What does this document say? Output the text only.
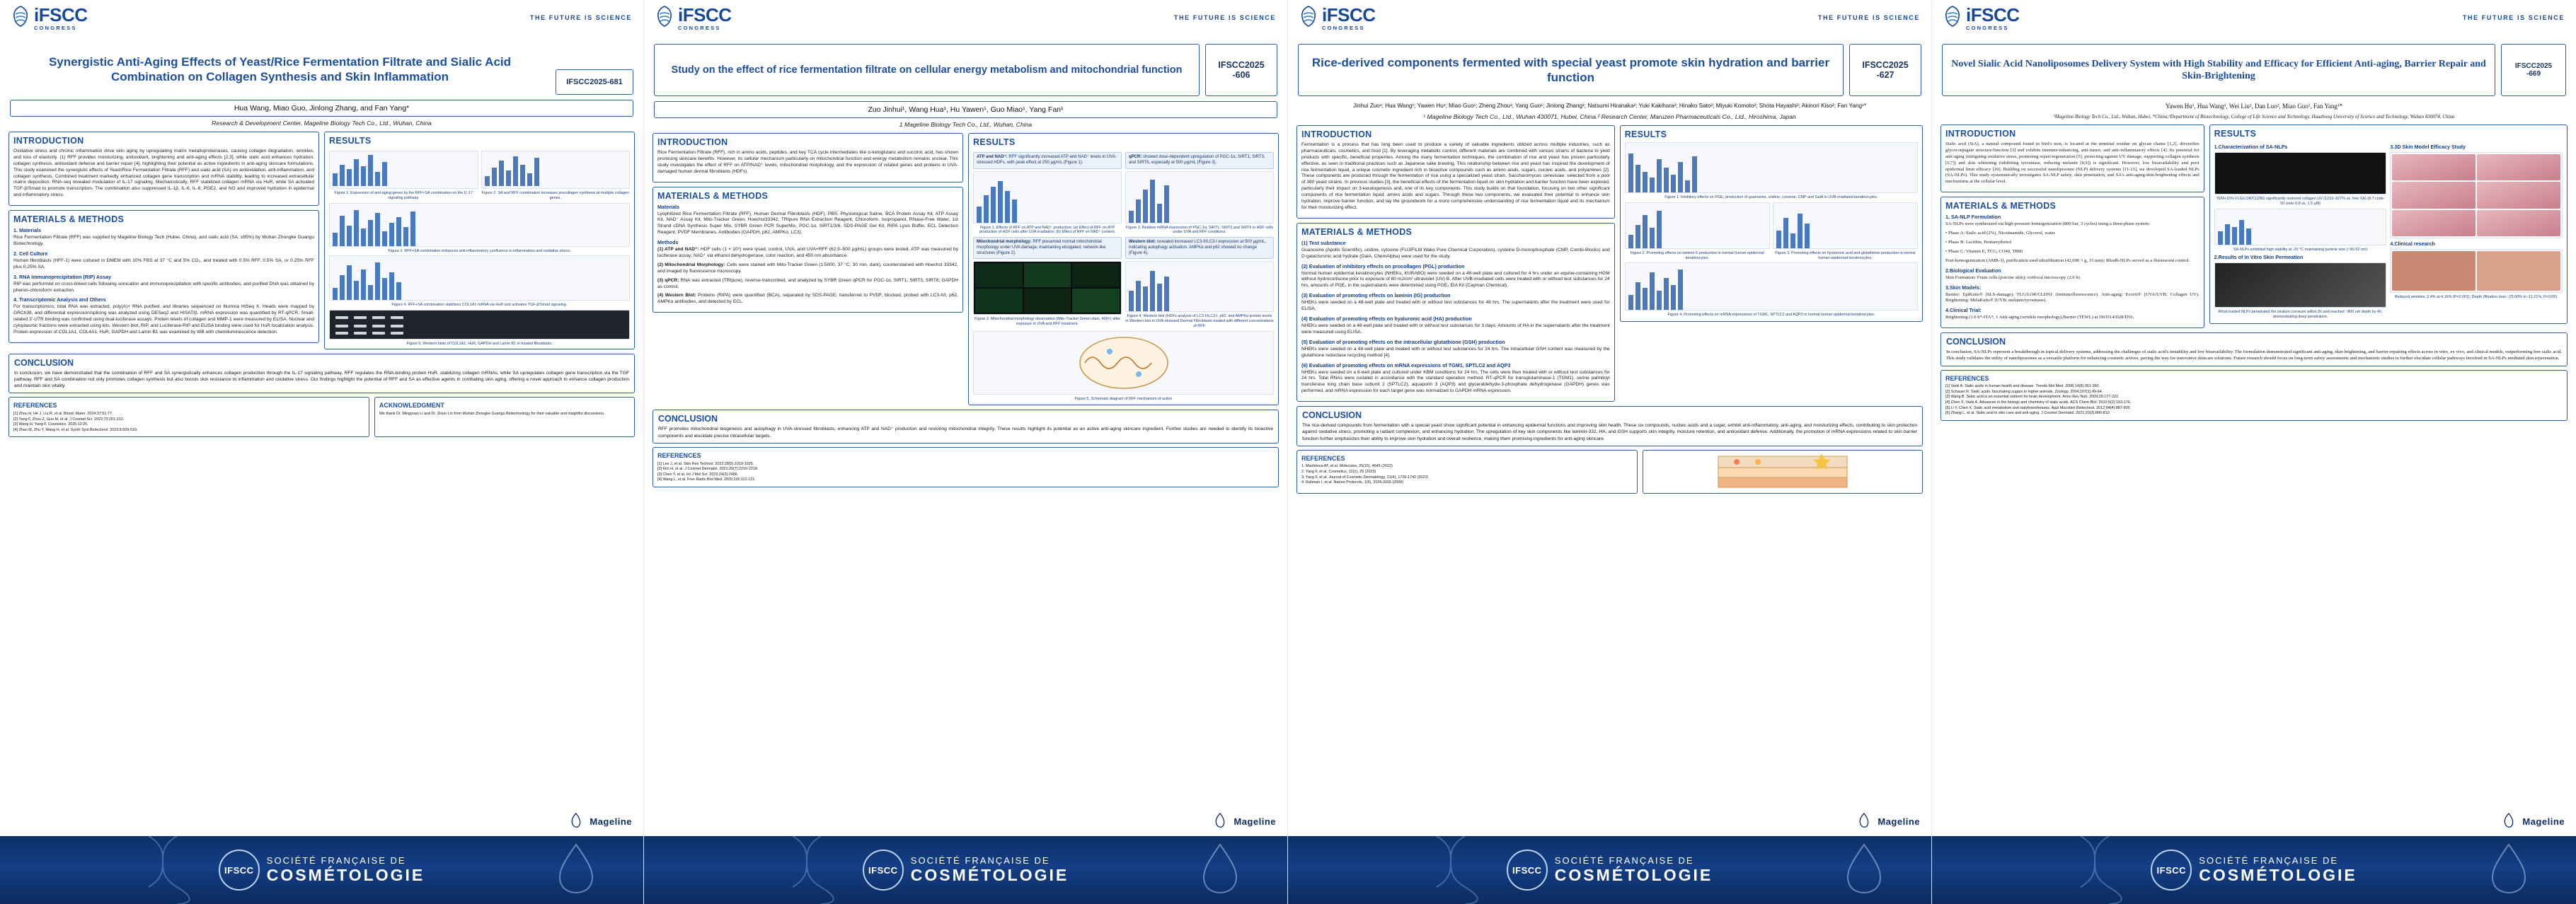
iFSCC
CONGRESS
THE FUTURE IS SCIENCE
Synergistic Anti-Aging Effects of Yeast/Rice Fermentation Filtrate and Sialic Acid Combination on Collagen Synthesis and Skin Inflammation	IFSCC2025-681
Hua Wang, Miao Guo, Jinlong Zhang, and Fan Yang*
Research & Development Center, Mageline Biology Tech Co., Ltd., Wuhan, China
INTRODUCTION

Oxidative stress and chronic inflammation drive skin aging by upregulating matrix metalloproteinases, causing collagen degradation, wrinkles, and loss of elasticity. (1) RFF provides moisturizing, antioxidant, brightening and anti-aging effects [2,3], while sialic acid enhances hydration, collagen synthesis, antioxidant defense and barrier repair [4], highlighting their potential as active ingredients in anti-aging skincare formulations. This study examined the synergistic effects of Yeast/Rice Fermentation Filtrate (RFF) and sialic acid (SA) on antioxidation, anti-inflammation, and collagen synthesis. Combined treatment markedly enhanced collagen gene transcription and mRNA stability, leading to increased extracellular matrix deposition. RNA-seq revealed modulation of IL-17 signaling. Mechanistically, RFF stabilized collagen mRNA via HuR, while SA activated TGF-β/Smad to promote transcription. The combination also suppressed IL-1β, IL-6, IL-8, PGE2, and NO and improved hydration in epidermal and inflammatory stress.

MATERIALS & METHODS
1. Materials

Rice Fermentation Filtrate (RFF) was supplied by Mageline Biology Tech (Hubei, China), and sialic acid (SA, ≥95%) by Wuhan Zhongke Guangu Biotechnology.

2. Cell Culture

Human fibroblasts (HFF-1) were cultured in DMEM with 10% FBS at 37 °C and 5% CO₂, and treated with 0.5% RFF, 0.5% SA, or 0.25% RFF plus 0.25% SA.

3. RNA Immunoprecipitation (RIP) Assay

RIP was performed on cross-linked cells following sonication and immunoprecipitation with specific antibodies, and purified DNA was obtained by phenol–chloroform extraction.

4. Transcriptomic Analysis and Others

For transcriptomics, total RNA was extracted, poly(A)+ RNA purified, and libraries sequenced on Illumina HiSeq X. Heads were mapped by GRCh38, and differential expression/splicing was analyzed using DESeq2 and HISAT/β. mRNA expression was quantified by RT-qPCR. Small-related 3'-UTR binding was confirmed using dual-luciferase assays. Protein levels of collagen and MMP-1 were measured by ELISA. Nuclear and cytoplasmic fractions were extracted using kits. Western blot, RIP, and Luciferase-RIP and ELISA binding were used for HuR localization analysis. Protein expression of COL1A1, COL4A1, HuR, GAPDH and Lamin B1 was examined by WB with chemiluminescence detection.

RESULTS
Figure 1. Expression of anti-aging genes by the RFF+SA combination on the IL-17 signaling pathway.
Figure 2. SA and RFF combination increases procollagen synthesis at multiple collagen genes.
Figure 3. RFF+SA combination enhances anti-inflammatory confluence to inflammation and oxidative stress.
Figure 4. RFF+SA combination stabilizes COL1A1 mRNA via HuR and activates TGF-β/Smad signaling.
Figure 5. Western blots of COL1A1, HuR, GAPDH and Lamin B1 in treated fibroblasts.
CONCLUSION

In conclusion, we have demonstrated that the combination of RFF and SA synergistically enhances collagen production through the IL-17 signaling pathway. RFF regulates the RNA-binding protein HuR, stabilizing collagen mRNAs, while SA upregulates collagen gene transcription via the TGF pathway. RFF and SA combination not only promotes collagen synthesis but also boosts skin resistance to inflammation and oxidative stress. Our findings highlight the potential of RFF and SA as effective agents in combating skin aging, offering a novel approach to enhance collagen production and maintain skin vitality.

REFERENCES
[1] Zhou H, He J, Liu R, et al. Blood. Mater. 2024;37:51-77.
[2] Yang F, Zhou Z, Guo M, et al. J Cosmet Sci. 2022;73:201-212.
[3] Wang H, Yang F, Cosmetics. 2025;12:25.
[4] Zhao M, Zhu Y, Wang H, et al. Synth Syst Biotechnol. 2023;8:509-519.
ACKNOWLEDGMENT
We thank Dr. Mingyuan Li and Dr. Zixun Lin from Wuhan Zhongke Guangu Biotechnology for their valuable and insightful discussions.
Mageline
IFSCC
SOCIÉTÉ FRANÇAISE DE
COSMÉTOLOGIE
iFSCC
CONGRESS
THE FUTURE IS SCIENCE
Study on the effect of rice fermentation filtrate on cellular energy metabolism and mitochondrial function	IFSCC2025
-606
Zuo Jinhui¹, Wang Hua¹, Hu Yawen¹, Guo Miao¹, Yang Fan¹
1 Mageline Biology Tech Co., Ltd., Wuhan, China
INTRODUCTION

Rice Fermentation Filtrate (RFF), rich in amino acids, peptides, and key TCA cycle intermediates like α-ketoglutaric and succinic acid, has shown promising skincare benefits. However, its cellular mechanism particularly on mitochondrial function and energy metabolism remains unclear. This study investigates the effect of RFF on ATP/NAD⁺ levels, mitochondrial morphology, and the expression of related genes and proteins in UVA-damaged human dermal fibroblasts (HDFs).

MATERIALS & METHODS
Materials

Lyophilized Rice Fermentation Filtrate (RFF), Human Dermal Fibroblasts (HDF), PBS, Physiological Saline, BCA Protein Assay Kit, ATP Assay Kit, NAD⁺ Assay Kit, Mito-Tracker Green, Hoechst33342, TRIpure RNA Extraction Reagent, Chloroform, Isopropanol, RNase-Free Water, 1st Strand cDNA Synthesis Super Mix, SYBR Green PCR SuperMix, PGC-1α, SIRT1/3/6, SDS-PAGE Gel Kit, RIPA Lysis Buffer, ECL Detection Reagent, PVDF Membranes, Antibodies (GAPDH, p62, AMPKα, LC3).

Methods

(1) ATP and NAD⁺: HDF cells (1 × 10⁵) were lysed; control, UVA, and UVA+RFF (62.5–500 μg/mL) groups were tested. ATP was measured by luciferase assay; NAD⁺ via ethanol dehydrogenase, color reaction, and 450 nm absorbance.

(2) Mitochondrial Morphology: Cells were stained with Mito-Tracker Green (1:5000, 37 °C, 30 min, dark), counterstained with Hoechst 33342, and imaged by fluorescence microscopy.

(3) qPCR: RNA was extracted (TRIpure), reverse-transcribed, and analyzed by SYBR Green qPCR for PGC-1α, SIRT1, SIRT3, SIRT6; GAPDH as control.

(4) Western Blot: Proteins (RIPA) were quantified (BCA), separated by SDS-PAGE, transferred to PVDF, blocked, probed with LC3-II/I, p62, AMPKα antibodies, and detected by ECL.

RESULTS
ATP and NAD⁺: RFF significantly increased ATP and NAD⁺ levels in UVA-stressed HDFs, with peak effect at 250 μg/mL (Figure 1).
Figure 1. Effects of RFF on ATP and NAD⁺ production: (a) Effect of RFF on ATP production of HDF cells after UVA irradiation; (b) Effect of RFF on NAD⁺ content.
Mitochondrial morphology: RFF preserved normal mitochondrial morphology under UVA damage, maintaining elongated, network-like structures (Figure 2).
Figure 2. Mitochondrial morphology observation (Mito-Tracker Green stain, 400×) after exposure to UVA and RFF treatment.
qPCR: showed dose-dependent upregulation of PGC-1α, SIRT1, SIRT3, and SIRT6, especially at 500 μg/mL (Figure 3).
Figure 3. Relative mRNA expression of PGC-1α, SIRT1, SIRT3 and SIRT6 in HDF cells under UVA and RFF conditions.
Western blot: revealed increased LC3-II/LC3-I expression at 500 μg/mL, indicating autophagy activation. AMPKα and p62 showed no change (Figure 4).
Figure 4. Western blot (HDFs analysis of LC3-II/LC3-I, p62, and AMPKα protein levels in Western blot in UVA-stressed Dermal Fibroblasts treated with different concentrations of RFF.
Figure 5. Schematic diagram of RFF mechanism of action
CONCLUSION

RFF promotes mitochondrial biogenesis and autophagy in UVA-stressed fibroblasts, enhancing ATP and NAD⁺ production and restoring mitochondrial integrity. These results highlight its potential as an active anti-aging skincare ingredient. Further studies are needed to identify its bioactive components and elucidate precise intracellular targets.

REFERENCES
[1] Lee J, et al. Skin Res Technol. 2022;28(5):1019-1025.
[2] Kim H, et al. J Cosmet Dermatol. 2021;20(7):2210-2218.
[3] Chen Y, et al. Int J Mol Sci. 2023;24(3):2456.
[4] Wang L, et al. Free Radic Biol Med. 2020;156:112-121.
Mageline
IFSCC
SOCIÉTÉ FRANÇAISE DE
COSMÉTOLOGIE
iFSCC
CONGRESS
THE FUTURE IS SCIENCE
Rice-derived components fermented with special yeast promote skin hydration and barrier function
IFSCC2025
-627
Jinhui Zuo¹; Hua Wang¹; Yawen Hu¹; Miao Guo¹; Zheng Zhou¹; Yang Guo¹; Jinlong Zhang¹; Natsumi Hiranaka²; Yuki Kakihara²; Hinako Sato²; Miyuki Komoto²; Shota Hayashi²; Akinori Kiso²; Fan Yang¹*
¹ Mageline Biology Tech Co., Ltd., Wuhan 430071, Hubei, China.² Research Center, Maruzen Pharmaceuticals Co., Ltd., Hiroshima, Japan
INTRODUCTION

Fermentation is a process that has long been used to produce a variety of valuable ingredients utilized across multiple industries, such as pharmaceuticals, cosmetics, and food [1]. By leveraging metabolic control, different materials are combined with various strains of bacteria to yield products with specific, beneficial properties. Among the many fermentation techniques, the combination of rice and yeast has proven particularly effective, as seen in traditional practices such as Japanese sake brewing. This relationship between rice and yeast has inspired the development of rice fermentation liquid, a unique cosmetic ingredient rich in bioactive compounds such as amino acids, sugars, nucleic acids, and polyamines [2]. These components are produced through the fermentation of rice using a specialized yeast strain, Saccharomyces cerevisiae, selected from a pool of 380 yeast strains. In previous studies [3], the beneficial effects of the fermentation liquid on skin hydration and barrier function have been explored, particularly their impact on 3-keratogenesis and, one of its key components. This study builds on that foundation, focusing on two other significant components of rice fermentation liquid: amino acids and sugars. Through these two components, we evaluated their potential to enhance skin hydration, improve barrier function, and lay the groundwork for a more comprehensive understanding of rice fermentation liquid and its mechanism for their moisturizing effect.

MATERIALS & METHODS
(1) Test substance

Guanosine (Apollo Scientific), uridine, cytosine (FUJIFILM Wako Pure Chemical Corporation), cysteine D-monophosphate (CMP, Combi-Blocks) and D-galacturonic acid hydrate (GalA, ChemAlpha) were used for the study.

(2) Evaluation of inhibitory effects on procollagen (PGL) production

Normal human epidermal keratinocytes (NHEKs, KURABO) were seeded on a 48-well plate and cultured for 4 hrs under an equine-containing HGM without hydrocortisone prior to exposure of 80 mJ/cm² ultraviolet (UV) B. After UVB-irradiated cells were treated with or without test substances for 24 hrs, amounts of PGE₂ in the supernatants were determined using PGE₂ EIA Kit (Cayman Chemical).

(3) Evaluation of promoting effects on laminin (IG) production

NHEKs were seeded on a 48-well plate and treated with or without test substances for 48 hrs. The supernatants after the treatment were used for ELISA.

(4) Evaluation of promoting effects on hyaluronic acid (HA) production

NHEKs were seeded on a 48-well plate and treated with or without test substances for 3 days. Amounts of HA in the supernatants after the treatment were measured using ELISA.

(5) Evaluation of promoting effects on the intracellular glutathione (GSH) production

NHEKs were seeded on a 48-well plate and treated with or without test substances for 24 hrs. The intracellular GSH content was measured by the glutathione reductase recycling method [4].

(6) Evaluation of promoting effects on mRNA expressions of TGM1, SPTLC2 and AQP3

NHEKs were seeded on a 6-well plate and cultured under KBM conditions for 24 hrs. The cells were then treated with or without test substances for 24 hrs. Total RNAs were isolated in accordance with the standard operation method. RT-qPCR for transglutaminase-1 (TGM1), serine palmitoyl transferase long chain base subunit 2 (SPTLC2), aquaporin 3 (AQP3) and glyceraldehyde-3-phosphate dehydrogenase (GAPDH) genes was performed, and mRNA expression for each target gene was normalized to GAPDH mRNA expression.

RESULTS
Figure 1. Inhibitory effects on PGE₂ production of guanosine, uridine, cytosine, CMP and GalA in UVB-irradiated keratinocytes.
Figure 2. Promoting effects on laminin-5 production in normal human epidermal keratinocytes.
Figure 3. Promoting effects on hyaluronic acid and glutathione production in normal human epidermal keratinocytes.
Figure 4. Promoting effects on mRNA expressions of TGM1, SPTLC2 and AQP3 in normal human epidermal keratinocytes.
CONCLUSION

The rice-derived compounds from fermentation with a special yeast show significant potential in enhancing epidermal functions and improving skin health. These six compounds, nucleic acids and a sugar, exhibit anti-inflammatory, anti-aging, and moisturizing effects, contributing to skin protection against oxidative stress, promoting a radiant complexion, and enhancing hydration. The upregulation of key skin components like laminin-332, HA, and GSH supports skin integrity, moisture retention, and antioxidant defense. Additionally, the promotion of mRNA expressions related to skin barrier function further emphasizes their ability to improve skin hydration and overall resilience, making them promising ingredients for anti-aging skincare.

REFERENCES
1. Mazhitova AT, et al. Molecules, 25(15), 4645 (2022)
2. Yang F, et al. Cosmetics, 12(1), 25 (2023)
3. Yang F, et al. Journal of Cosmetic Dermatology, 21(4), 1726-1742 (2022)
4. Rahman I, et al. Nature Protocols, 1(6), 3159-3165 (2006)
Mageline
IFSCC
SOCIÉTÉ FRANÇAISE DE
COSMÉTOLOGIE
iFSCC
CONGRESS
THE FUTURE IS SCIENCE
Novel Sialic Acid Nanoliposomes Delivery System with High Stability and Efficacy for Efficient Anti-aging, Barrier Repair and Skin-Brightening
IFSCC2025
-669
Yawen Hu¹, Hua Wang¹, Wei Liu², Dan Luo², Miao Guo¹, Fan Yang¹*
¹Mageline Biology Tech Co., Ltd., Wuhan, Hubei, *China;²Department of Biotechnology, College of Life Science and Technology, Huazhong University of Science and Technology, Wuhan 430074, China
INTRODUCTION

Sialic acid (SiA), a natural compound found in bird's nest, is located at the terminal residue on glycan chains [1,2], diversifies glycoconjugate structure/function [3] and exhibits immune-enhancing, anti-tumor, and anti-inflammatory effects [4]. Its potential for anti-aging (mitigating oxidative stress, promoting repair/regeneration [5], protecting against UV damage, supporting collagen synthesis [6,7]) and skin whitening (inhibiting tyrosinase, reducing melanin [8,9]) is significant. However, low bioavailability and poor epidermal limit efficacy [10]. Building on successful nanoliposome (NLP) delivery systems [11-13], we developed SA-loaded NLPs (SA-NLPs). This study systematically investigates SA-NLP safety, skin penetration, and SA's anti-aging/skin-brightening effects and mechanisms at the cellular level.

MATERIALS & METHODS
1. SA-NLP Formulation

SA-NLPs were synthesized via high-pressure homogenization (800 bar, 3 cycles) using a three-phase system:

• Phase A: Sialic acid (2%), Nicotinamide, Glycerol, water

• Phase B: Lecithin, Pentaerythritol

• Phase C: Vitamin E, TCG, CO40, TR80

Post-homogenization (AMB-3), purification used ultrafiltration (42,000 × g, 15 min); Rhodb-NLPs served as a fluorescent control.

2.Biological Evaluation

Skin Formation: Franz cells (porcine skin); confocal microscopy (2.0 h).

3.Skin Models:

Barrier: EpiKutis® (SLS-damage), TLG/LOR/CLDN1 (immunofluorescence). Anti-aging: Ecovit® (UVA/UVB; Collagen UV). Brightening: MelaKutis® (UVB; melanin/tyrosinase).

4.Clinical Trial:

Brightening (1.0 h*-ITA*, 1 Anti-aging (wrinkle morphology),Barrier (TEWL) at D0/D14/D28/D56.

RESULTS
1.Characterization of SA-NLPs
TEM+15% FLG/LOR/CLDN1 significantly restored collagen UV (1219-.827% vs. free SA) (8.7 code-50 code-0.8 vs. 1.5 μM)
SA-NLPs exhibited high stability at -20 °C maintaining particle size (~90-52 nm)
2.Results of In Vitro Skin Permeation
Rhod-loaded NLPs penetrated the stratum corneum within 2h and reached ~800 um depth by 4h, demonstrating deep penetration.
3.3D Skin Model Efficacy Study
4.Clinical research
Reduced wrinkles: 2.4% at 4.16% (P<0.001); Depth (filtration max.~25.60% to -11.21%, P<0.05).
CONCLUSION

In conclusion, SA-NLPs represent a breakthrough in topical delivery systems, addressing the challenges of sialic acid's instability and low bioavailability. The formulation demonstrated significant anti-aging, skin-brightening, and barrier-repairing effects across in vitro, ex vivo, and clinical models, outperforming free sialic acid. This study validates the utility of nanoliposomes as a versatile platform for enhancing cosmetic actives, paving the way for innovative skincare solutions. Future research should focus on long-term safety assessments and mechanistic studies to further elucidate cellular pathways involved in SA-NLPs mediated skin rejuvenation.

REFERENCES
[1] Varki A. Sialic acids in human health and disease. Trends Mol Med. 2008;14(8):351-360.
[2] Schauer R. Sialic acids: fascinating sugars in higher animals. Zoology. 2004;107(1):49-64.
[3] Wang B. Sialic acid is an essential nutrient for brain development. Annu Rev Nutr. 2009;29:177-222.
[4] Chen X, Varki A. Advances in the biology and chemistry of sialic acids. ACS Chem Biol. 2010;5(2):163-176.
[5] Li Y, Chen X. Sialic acid metabolism and sialyltransferases. Appl Microbiol Biotechnol. 2012;94(4):887-905.
[6] Zhang L, et al. Sialic acid in skin care and anti-aging. J Cosmet Dermatol. 2021;20(3):800-810.
Mageline
IFSCC
SOCIÉTÉ FRANÇAISE DE
COSMÉTOLOGIE
